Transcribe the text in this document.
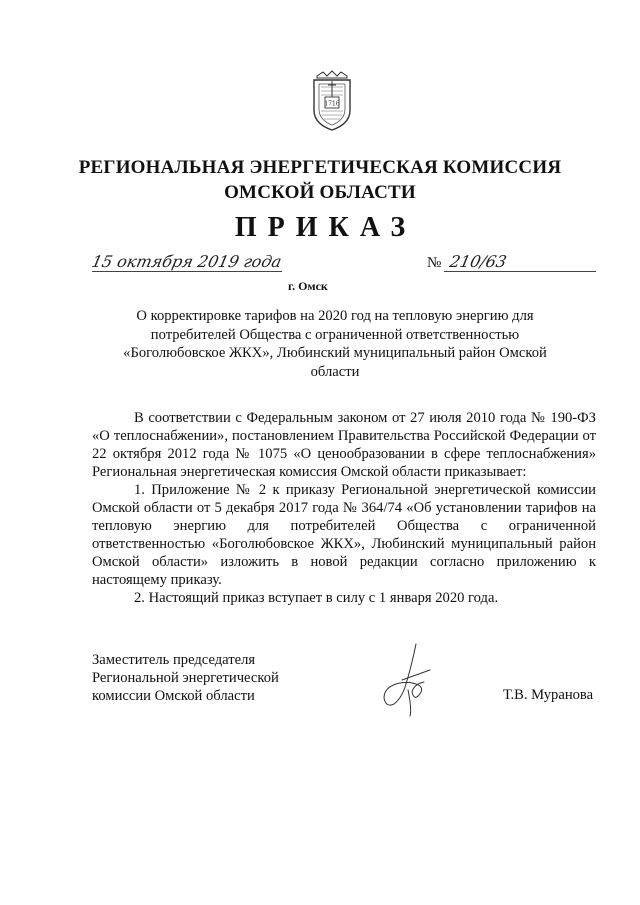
1716
РЕГИОНАЛЬНАЯ ЭНЕРГЕТИЧЕСКАЯ КОМИССИЯ
ОМСКОЙ ОБЛАСТИ
ПРИКАЗ
15 октября 2019 года
г. Омск
№ 210/63
О корректировке тарифов на 2020 год на тепловую энергию для
потребителей Общества с ограниченной ответственностью
«Боголюбовское ЖКХ», Любинский муниципальный район Омской
области

В соответствии с Федеральным законом от 27 июля 2010 года № 190-ФЗ «О теплоснабжении», постановлением Правительства Российской Федерации от 22 октября 2012 года № 1075 «О ценообразовании в сфере теплоснабжения» Региональная энергетическая комиссия Омской области приказывает:

1. Приложение № 2 к приказу Региональной энергетической комиссии Омской области от 5 декабря 2017 года № 364/74 «Об установлении тарифов на тепловую энергию для потребителей Общества с ограниченной ответственностью «Боголюбовское ЖКХ», Любинский муниципальный район Омской области» изложить в новой редакции согласно приложению к настоящему приказу.

2. Настоящий приказ вступает в силу с 1 января 2020 года.

Заместитель председателя
Региональной энергетической
комиссии Омской области	Т.В. Муранова
